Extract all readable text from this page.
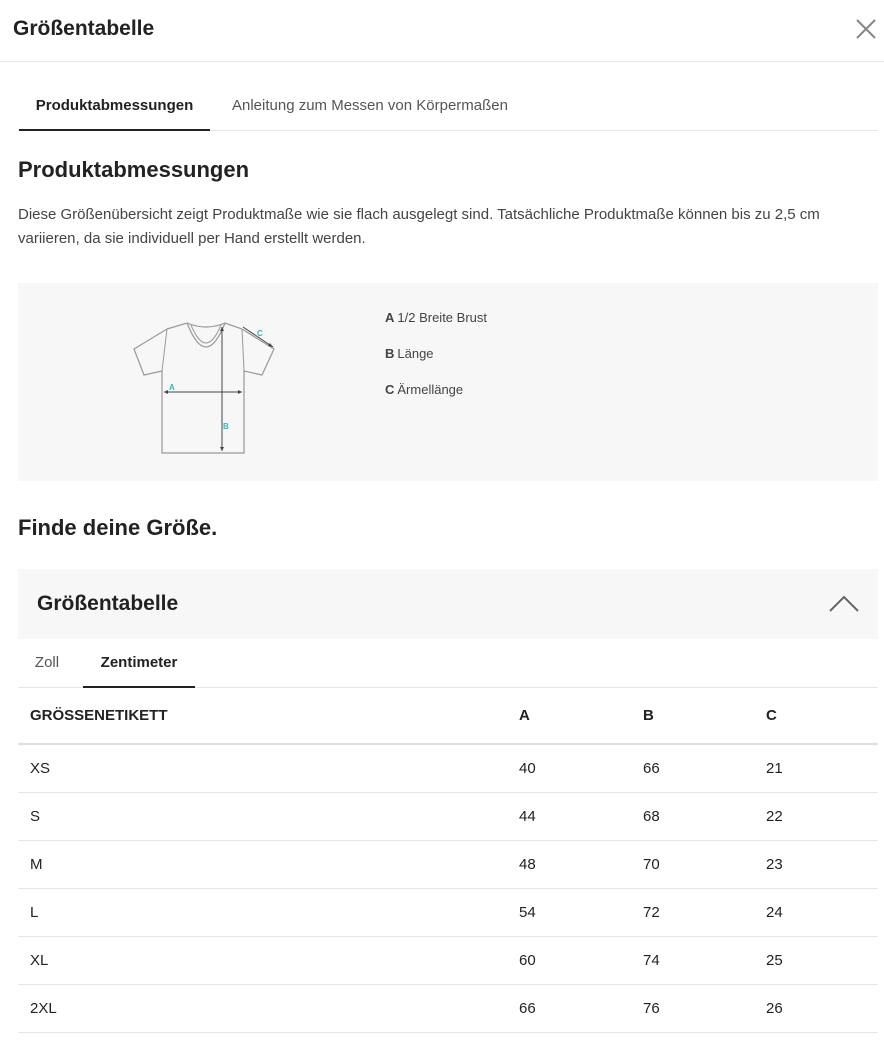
Größentabelle
Produktabmessungen	Anleitung zum Messen von Körpermaßen
Produktabmessungen
Diese Größenübersicht zeigt Produktmaße wie sie flach ausgelegt sind. Tatsächliche Produktmaße können bis zu 2,5 cm variieren, da sie individuell per Hand erstellt werden.
A
B
C
A 1/2 Breite Brust
B Länge
C Ärmellänge
Finde deine Größe.
Größentabelle
Zoll	Zentimeter
GRÖSSENETIKETT	A	B	C
XS	40	66	21
S	44	68	22
M	48	70	23
L	54	72	24
XL	60	74	25
2XL	66	76	26
